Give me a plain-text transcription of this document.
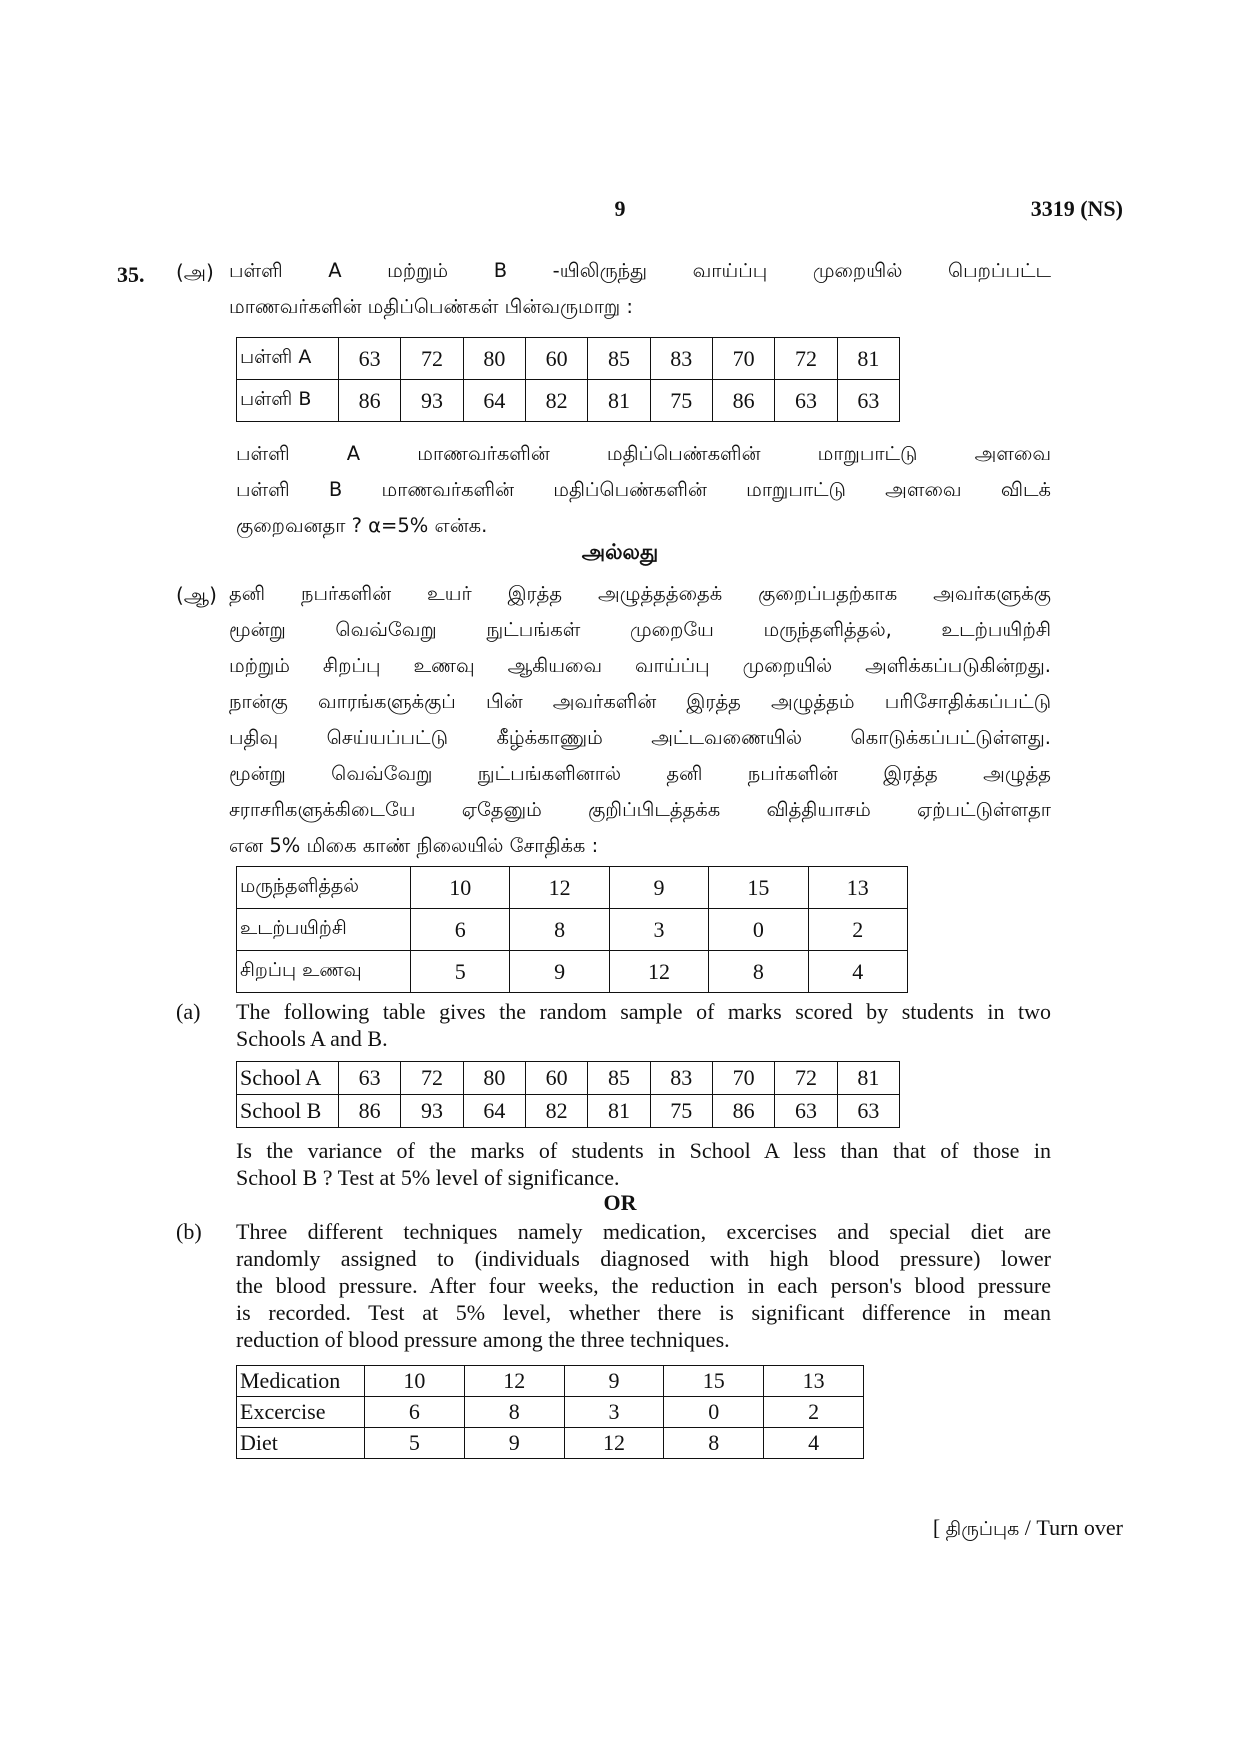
9	3319 (NS)
35. (அ) பள்ளி A மற்றும் B -யிலிருந்து வாய்ப்பு முறையில் பெறப்பட்ட
மாணவர்களின் மதிப்பெண்கள் பின்வருமாறு :
பள்ளி A	63	72	80	60	85	83	70	72	81
பள்ளி B	86	93	64	82	81	75	86	63	63
பள்ளி A மாணவர்களின் மதிப்பெண்களின் மாறுபாட்டு அளவை
பள்ளி B மாணவர்களின் மதிப்பெண்களின் மாறுபாட்டு அளவை விடக்
குறைவனதா ? α=5% என்க.
அல்லது
(ஆ) தனி நபர்களின் உயர் இரத்த அழுத்தத்தைக் குறைப்பதற்காக அவர்களுக்கு
மூன்று வெவ்வேறு நுட்பங்கள் முறையே மருந்தளித்தல், உடற்பயிற்சி
மற்றும் சிறப்பு உணவு ஆகியவை வாய்ப்பு முறையில் அளிக்கப்படுகின்றது.
நான்கு வாரங்களுக்குப் பின் அவர்களின் இரத்த அழுத்தம் பரிசோதிக்கப்பட்டு
பதிவு செய்யப்பட்டு கீழ்க்காணும் அட்டவணையில் கொடுக்கப்பட்டுள்ளது.
மூன்று வெவ்வேறு நுட்பங்களினால் தனி நபர்களின் இரத்த அழுத்த
சராசரிகளுக்கிடையே ஏதேனும் குறிப்பிடத்தக்க வித்தியாசம் ஏற்பட்டுள்ளதா
என 5% மிகை காண் நிலையில் சோதிக்க :
மருந்தளித்தல்	10	12	9	15	13
உடற்பயிற்சி	6	8	3	0	2
சிறப்பு உணவு	5	9	12	8	4
(a) The following table gives the random sample of marks scored by students in two
Schools A and B.
School A	63	72	80	60	85	83	70	72	81
School B	86	93	64	82	81	75	86	63	63
Is the variance of the marks of students in School A less than that of those in
School B ? Test at 5% level of significance.
OR
(b) Three different techniques namely medication, excercises and special diet are
randomly assigned to (individuals diagnosed with high blood pressure) lower
the blood pressure. After four weeks, the reduction in each person's blood pressure
is recorded. Test at 5% level, whether there is significant difference in mean
reduction of blood pressure among the three techniques.
Medication	10	12	9	15	13
Excercise	6	8	3	0	2
Diet	5	9	12	8	4
[ திருப்புக / Turn over
